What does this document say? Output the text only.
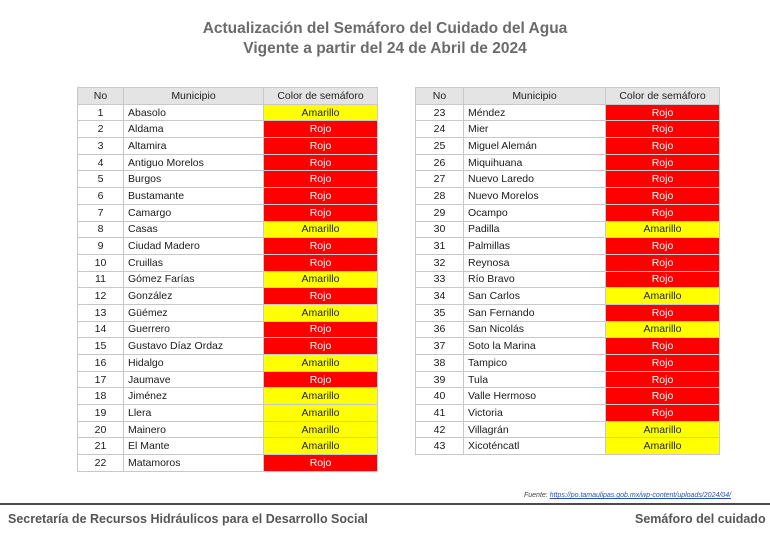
Actualización del Semáforo del Cuidado del Agua
Vigente a partir del 24 de Abril de 2024
No	Municipio	Color de semáforo
1	Abasolo	Amarillo
2	Aldama	Rojo
3	Altamira	Rojo
4	Antiguo Morelos	Rojo
5	Burgos	Rojo
6	Bustamante	Rojo
7	Camargo	Rojo
8	Casas	Amarillo
9	Ciudad Madero	Rojo
10	Cruillas	Rojo
11	Gómez Farías	Amarillo
12	González	Rojo
13	Güémez	Amarillo
14	Guerrero	Rojo
15	Gustavo Díaz Ordaz	Rojo
16	Hidalgo	Amarillo
17	Jaumave	Rojo
18	Jiménez	Amarillo
19	Llera	Amarillo
20	Mainero	Amarillo
21	El Mante	Amarillo
22	Matamoros	Rojo
No	Municipio	Color de semáforo
23	Méndez	Rojo
24	Mier	Rojo
25	Miguel Alemán	Rojo
26	Miquihuana	Rojo
27	Nuevo Laredo	Rojo
28	Nuevo Morelos	Rojo
29	Ocampo	Rojo
30	Padilla	Amarillo
31	Palmillas	Rojo
32	Reynosa	Rojo
33	Río Bravo	Rojo
34	San Carlos	Amarillo
35	San Fernando	Rojo
36	San Nicolás	Amarillo
37	Soto la Marina	Rojo
38	Tampico	Rojo
39	Tula	Rojo
40	Valle Hermoso	Rojo
41	Victoria	Rojo
42	Villagrán	Amarillo
43	Xicoténcatl	Amarillo
Fuente: https://po.tamaulipas.gob.mx/wp-content/uploads/2024/04/
Secretaría de Recursos Hidráulicos para el Desarrollo Social	Semáforo del cuidado
